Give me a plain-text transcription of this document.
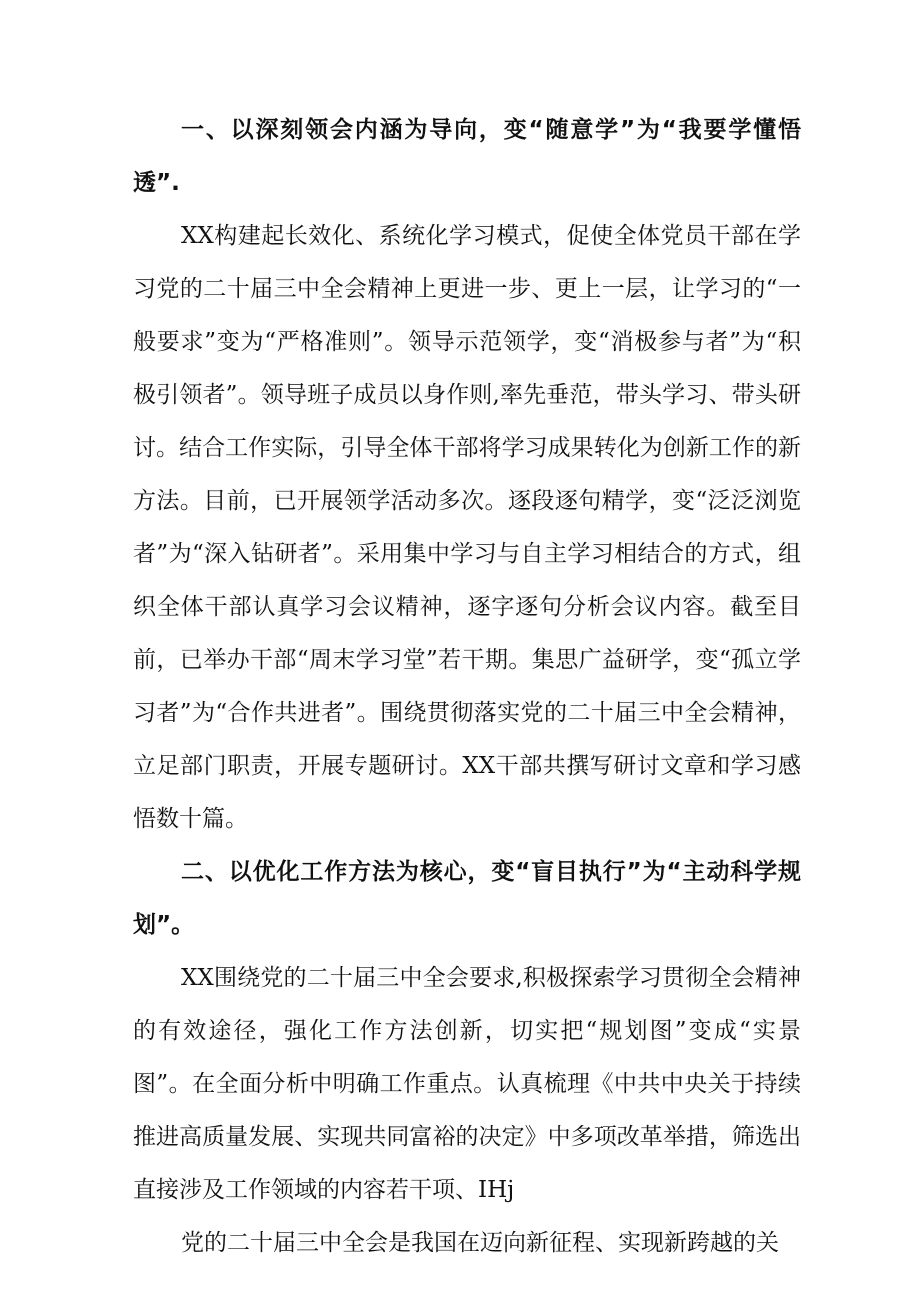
一、以深刻领会内涵为导向，变“随意学”为“我要学懂悟透”.

XX构建起长效化、系统化学习模式，促使全体党员干部在学习党的二十届三中全会精神上更进一步、更上一层，让学习的“一般要求”变为“严格准则”。领导示范领学，变“消极参与者”为“积极引领者”。领导班子成员以身作则,率先垂范，带头学习、带头研讨。结合工作实际，引导全体干部将学习成果转化为创新工作的新方法。目前，已开展领学活动多次。逐段逐句精学，变“泛泛浏览者”为“深入钻研者”。采用集中学习与自主学习相结合的方式，组织全体干部认真学习会议精神，逐字逐句分析会议内容。截至目前，已举办干部“周末学习堂”若干期。集思广益研学，变“孤立学习者”为“合作共进者”。围绕贯彻落实党的二十届三中全会精神，立足部门职责，开展专题研讨。XX干部共撰写研讨文章和学习感悟数十篇。

二、以优化工作方法为核心，变“盲目执行”为“主动科学规划”。

XX围绕党的二十届三中全会要求,积极探索学习贯彻全会精神的有效途径，强化工作方法创新，切实把“规划图”变成“实景图”。在全面分析中明确工作重点。认真梳理《中共中央关于持续推进高质量发展、实现共同富裕的决定》中多项改革举措，筛选出直接涉及工作领域的内容若干项、IHj

党的二十届三中全会是我国在迈向新征程、实现新跨越的关
